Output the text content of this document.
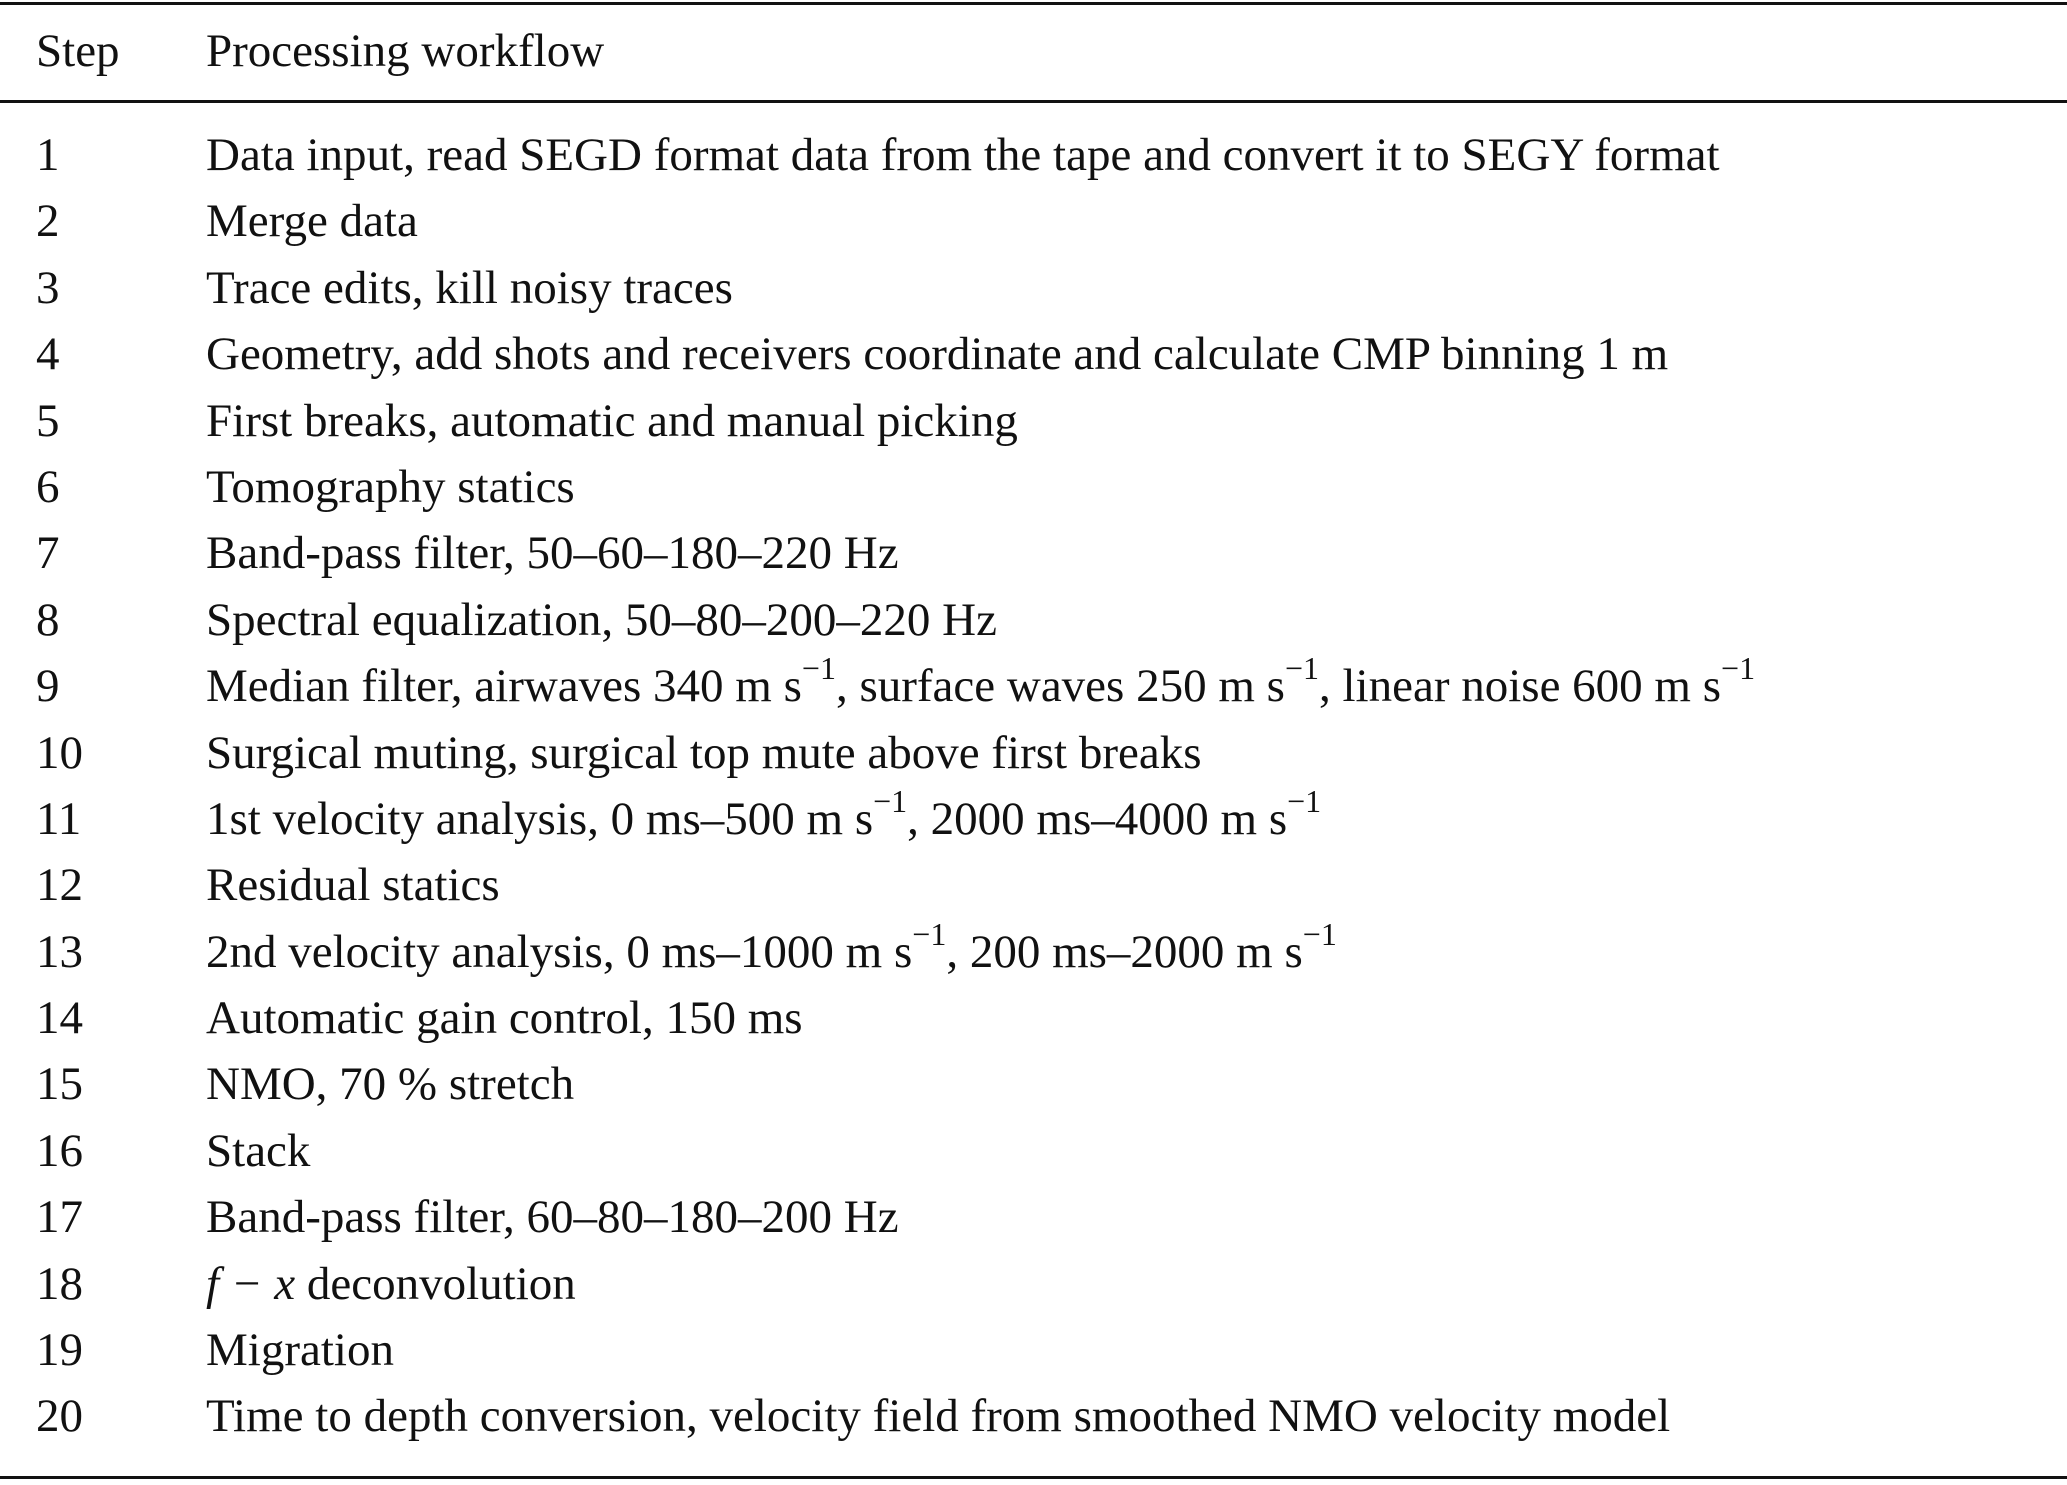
Step Processing workflow
1	Data input, read SEGD format data from the tape and convert it to SEGY format
2	Merge data
3	Trace edits, kill noisy traces
4	Geometry, add shots and receivers coordinate and calculate CMP binning 1 m
5	First breaks, automatic and manual picking
6	Tomography statics
7	Band-pass filter, 50–60–180–220 Hz
8	Spectral equalization, 50–80–200–220 Hz
9	Median filter, airwaves 340 m $s^{-1}$, surface waves 250 m $s^{-1}$, linear noise 600 m $s^{-1}$
10	Surgical muting, surgical top mute above first breaks
11	1st velocity analysis, 0 ms–500 m $s^{-1}$, 2000 ms–4000 m $s^{-1}$
12	Residual statics
13	2nd velocity analysis, 0 ms–1000 m $s^{-1}$, 200 ms–2000 m $s^{-1}$
14	Automatic gain control, 150 ms
15	NMO, 70 % stretch
16	Stack
17	Band-pass filter, 60–80–180–200 Hz
18	f − x deconvolution
19	Migration
20	Time to depth conversion, velocity field from smoothed NMO velocity model
